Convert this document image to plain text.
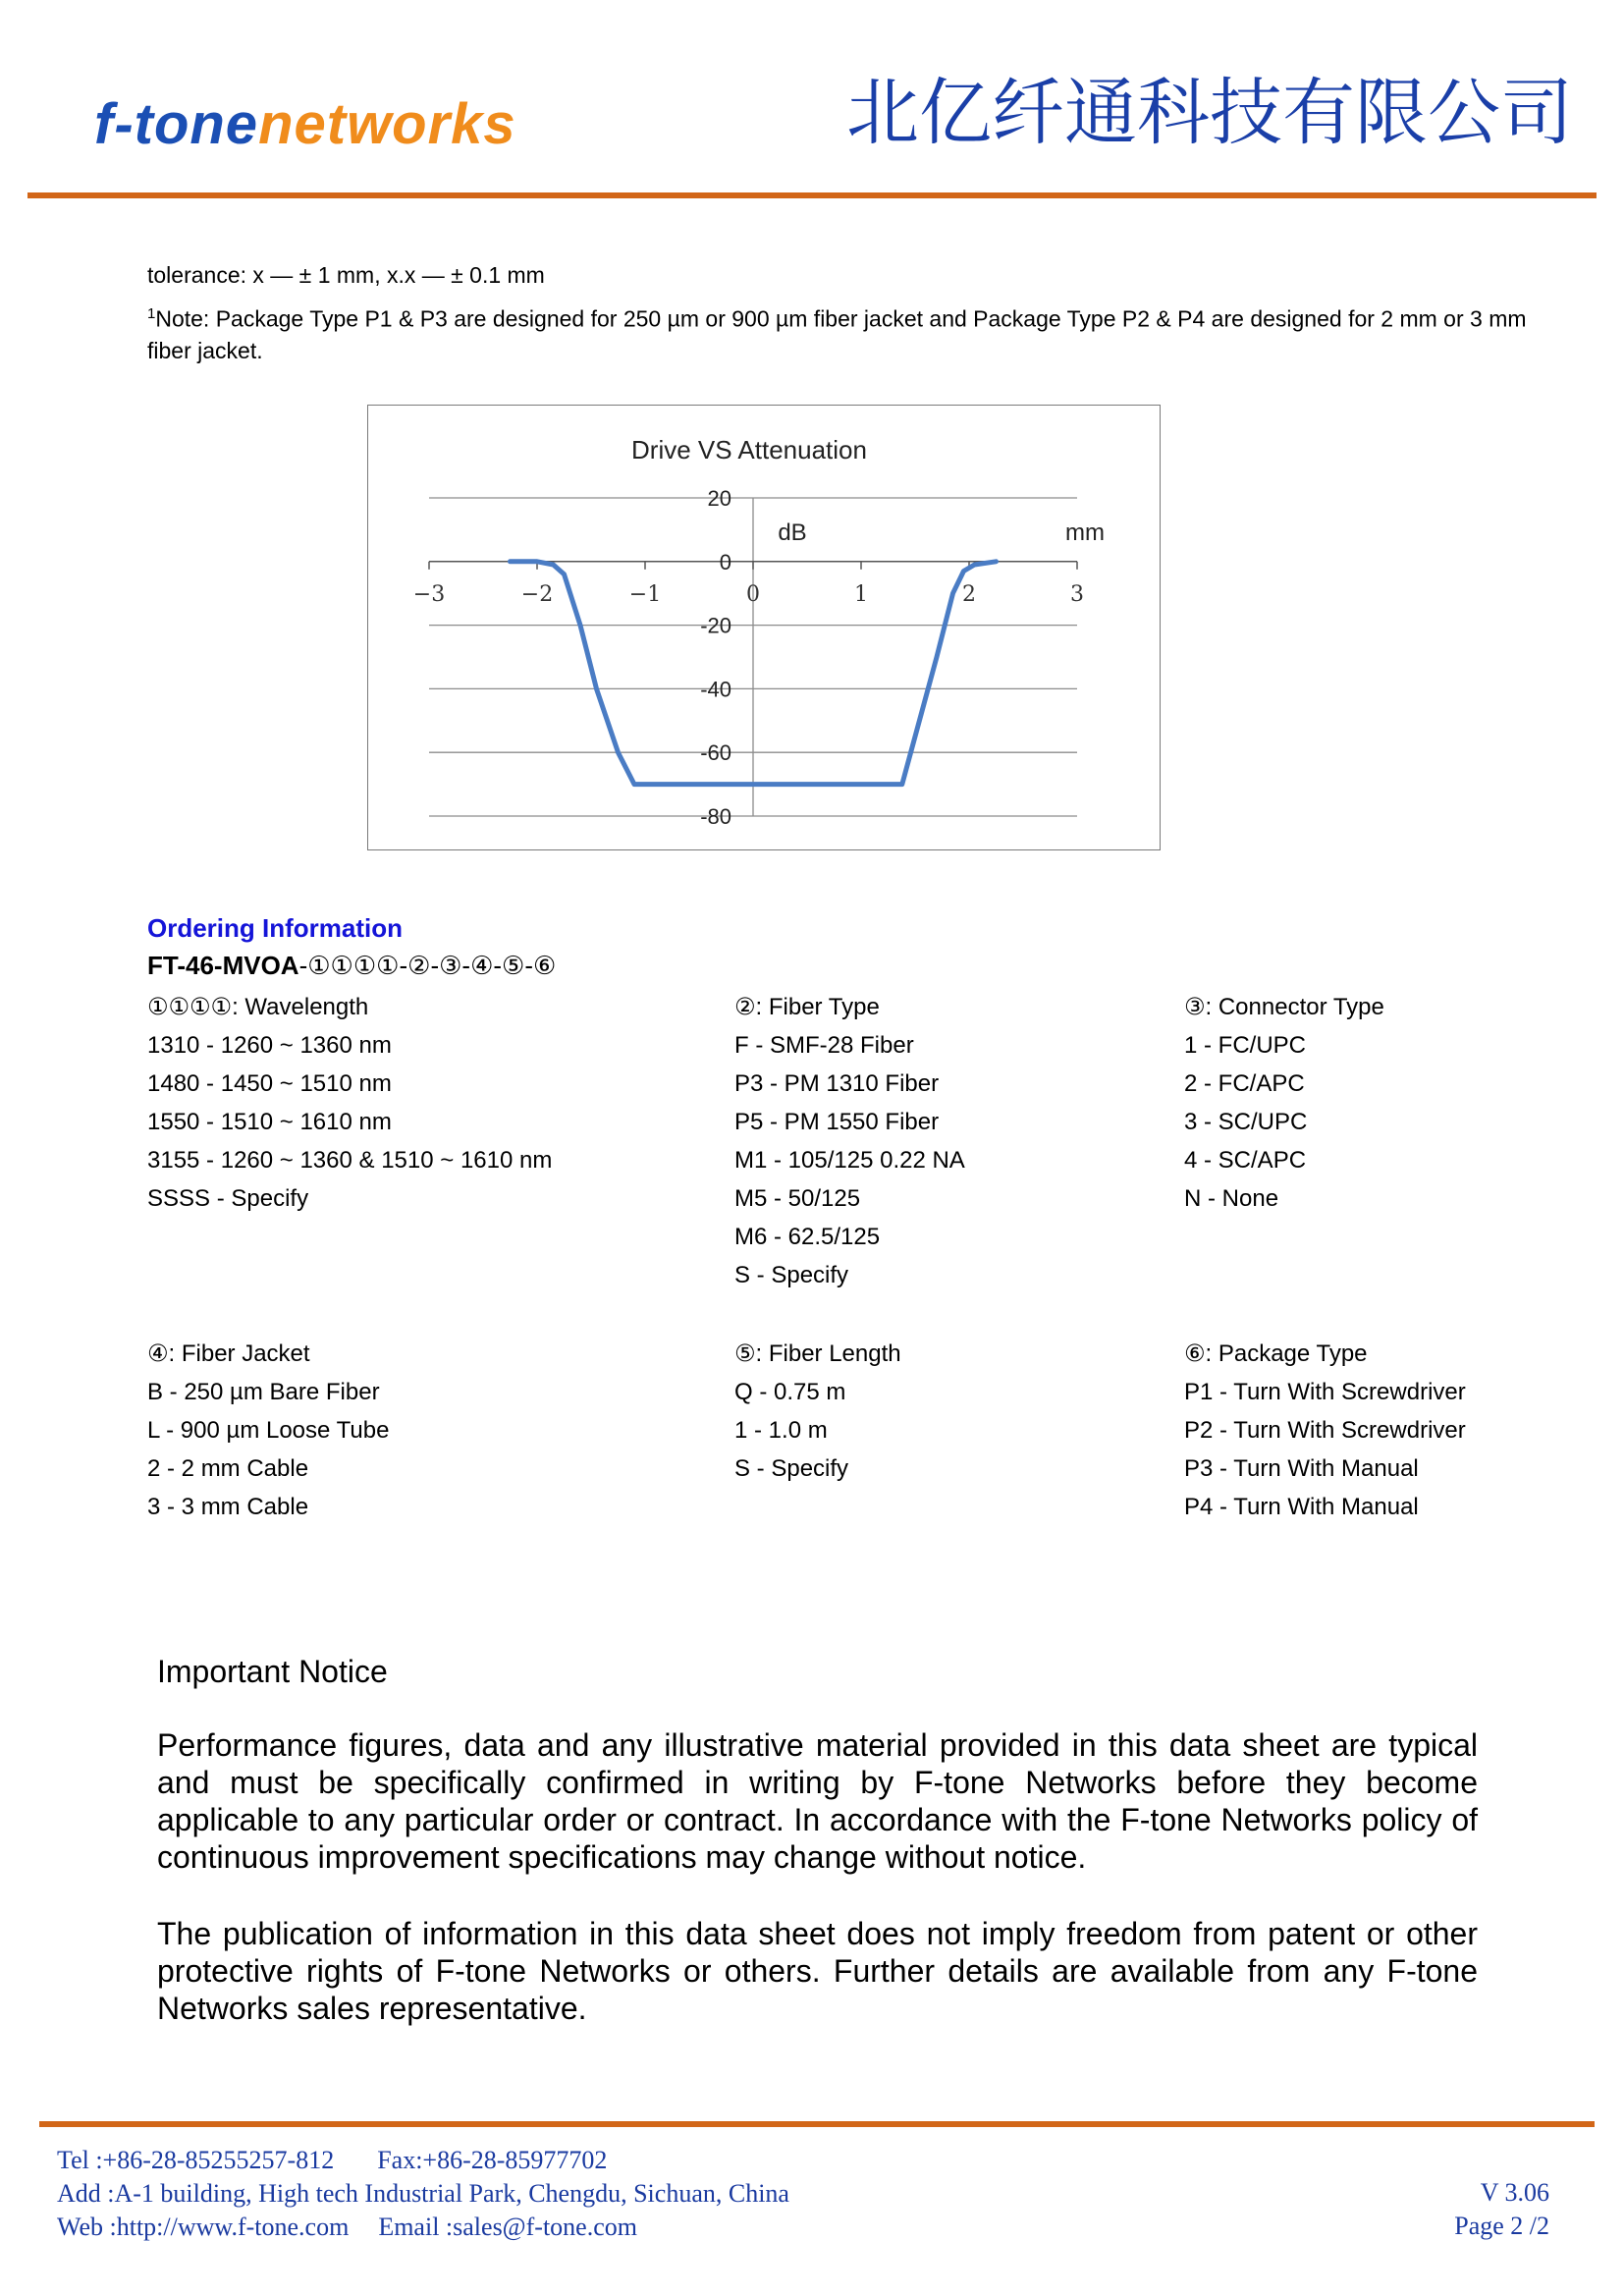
f-tonenetworks	北亿纤通科技有限公司
tolerance: x — ± 1 mm, x.x — ± 0.1 mm
$^1$Note: Package Type P1 & P3 are designed for 250 µm or 900 µm fiber jacket and Package Type P2 & P4 are designed for 2 mm or 3 mm fiber jacket.
−3	−2	−1	0	1	2	3
20
0
-20
-40
-60
-80
Drive VS Attenuation
dB	mm
Ordering Information
FT-46-MVOA-①①①①-②-③-④-⑤-⑥
①①①①: Wavelength
1310 - 1260 ~ 1360 nm
1480 - 1450 ~ 1510 nm
1550 - 1510 ~ 1610 nm
3155 - 1260 ~ 1360 & 1510 ~ 1610 nm
SSSS - Specify
②: Fiber Type
F - SMF-28 Fiber
P3 - PM 1310 Fiber
P5 - PM 1550 Fiber
M1 - 105/125 0.22 NA
M5 - 50/125
M6 - 62.5/125
S - Specify
③: Connector Type
1 - FC/UPC
2 - FC/APC
3 - SC/UPC
4 - SC/APC
N - None
④: Fiber Jacket
B - 250 µm Bare Fiber
L - 900 µm Loose Tube
2 - 2 mm Cable
3 - 3 mm Cable
⑤: Fiber Length
Q - 0.75 m
1 - 1.0 m
S - Specify
⑥: Package Type
P1 - Turn With Screwdriver
P2 - Turn With Screwdriver
P3 - Turn With Manual
P4 - Turn With Manual
Important Notice
Performance figures, data and any illustrative material provided in this data sheet are typical and must be specifically confirmed in writing by F-tone Networks before they become applicable to any particular order or contract. In accordance with the F-tone Networks policy of continuous improvement specifications may change without notice.
The publication of information in this data sheet does not imply freedom from patent or other protective rights of F-tone Networks or others. Further details are available from any F-tone Networks sales representative.
Tel :+86-28-85255257-812 Fax:+86-28-85977702
Add :A-1 building, High tech Industrial Park, Chengdu, Sichuan, China
Web :http://www.f-tone.com Email :sales@f-tone.com
V 3.06
Page 2 /2
